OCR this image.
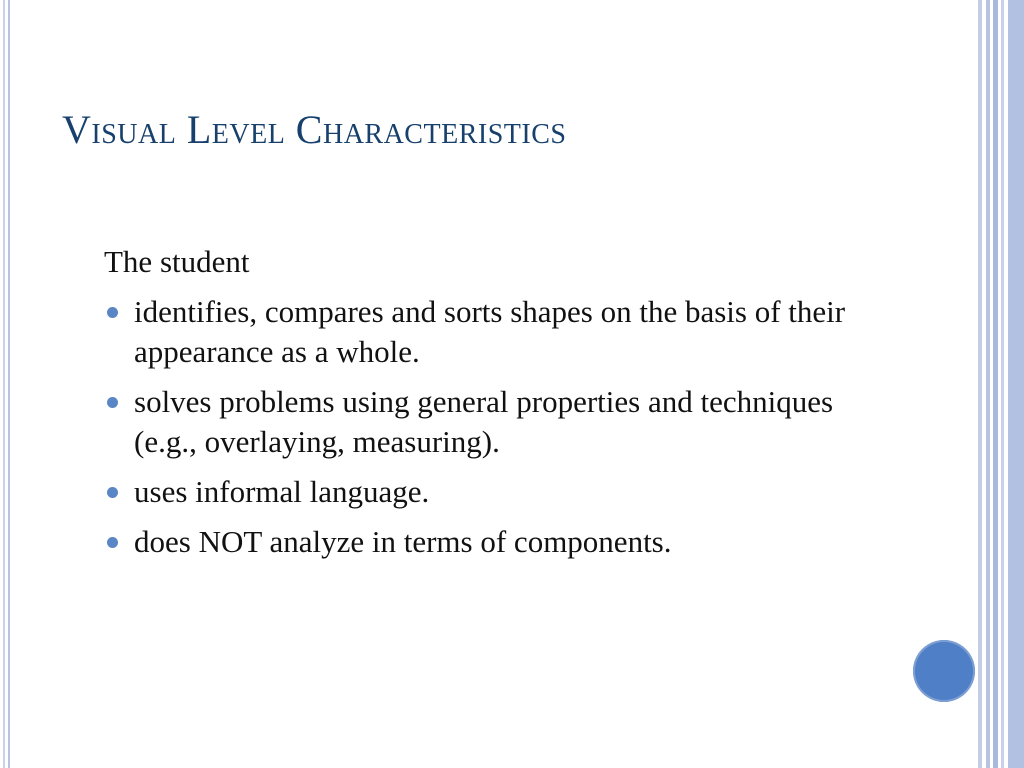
Visual Level Characteristics

The student

identifies, compares and sorts shapes on the basis of their appearance as a whole.
solves problems using general properties and techniques (e.g., overlaying, measuring).
uses informal language.
does NOT analyze in terms of components.
